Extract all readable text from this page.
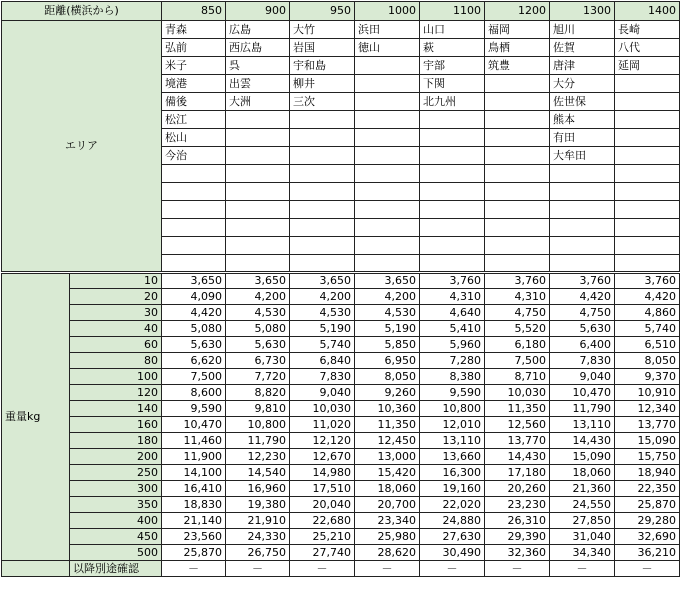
距離(横浜から)		850	900	950	1000	1100	1200	1300	1400
エリア		青森	広島	大竹	浜田	山口	福岡	旭川	長崎
		弘前	西広島	岩国	徳山	萩	鳥栖	佐賀	八代
		米子	呉	宇和島		宇部	筑豊	唐津	延岡
		境港	出雲	柳井		下関		大分	
		備後	大洲	三次		北九州		佐世保	
		松江						熊本	
		松山						有田	
		今治						大牟田	

重量kg	10	3,650	3,650	3,650	3,650	3,760	3,760	3,760	3,760
	20	4,090	4,200	4,200	4,200	4,310	4,310	4,420	4,420
	30	4,420	4,530	4,530	4,530	4,640	4,750	4,750	4,860
	40	5,080	5,080	5,190	5,190	5,410	5,520	5,630	5,740
	60	5,630	5,630	5,740	5,850	5,960	6,180	6,400	6,510
	80	6,620	6,730	6,840	6,950	7,280	7,500	7,830	8,050
	100	7,500	7,720	7,830	8,050	8,380	8,710	9,040	9,370
	120	8,600	8,820	9,040	9,260	9,590	10,030	10,470	10,910
	140	9,590	9,810	10,030	10,360	10,800	11,350	11,790	12,340
	160	10,470	10,800	11,020	11,350	12,010	12,560	13,110	13,770
	180	11,460	11,790	12,120	12,450	13,110	13,770	14,430	15,090
	200	11,900	12,230	12,670	13,000	13,660	14,430	15,090	15,750
	250	14,100	14,540	14,980	15,420	16,300	17,180	18,060	18,940
	300	16,410	16,960	17,510	18,060	19,160	20,260	21,360	22,350
	350	18,830	19,380	20,040	20,700	22,020	23,230	24,550	25,870
	400	21,140	21,910	22,680	23,340	24,880	26,310	27,850	29,280
	450	23,560	24,330	25,210	25,980	27,630	29,390	31,040	32,690
	500	25,870	26,750	27,740	28,620	30,490	32,360	34,340	36,210
	以降別途確認	－	－	－	－	－	－	－	－
